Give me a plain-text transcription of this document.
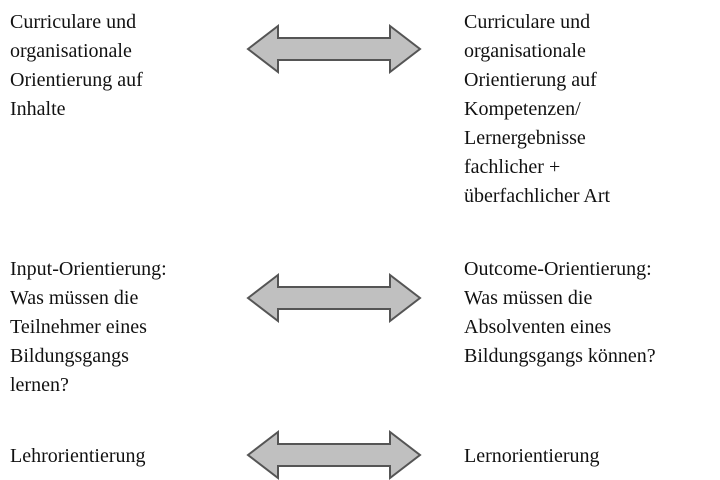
Curriculare und
organisationale
Orientierung auf
Inhalte

Curriculare und
organisationale
Orientierung auf
Kompetenzen/
Lernergebnisse
fachlicher +
überfachlicher Art

Input-Orientierung:
Was müssen die
Teilnehmer eines
Bildungsgangs
lernen?

Outcome-Orientierung:
Was müssen die
Absolventen eines
Bildungsgangs können?

Lehrorientierung	Lernorientierung
